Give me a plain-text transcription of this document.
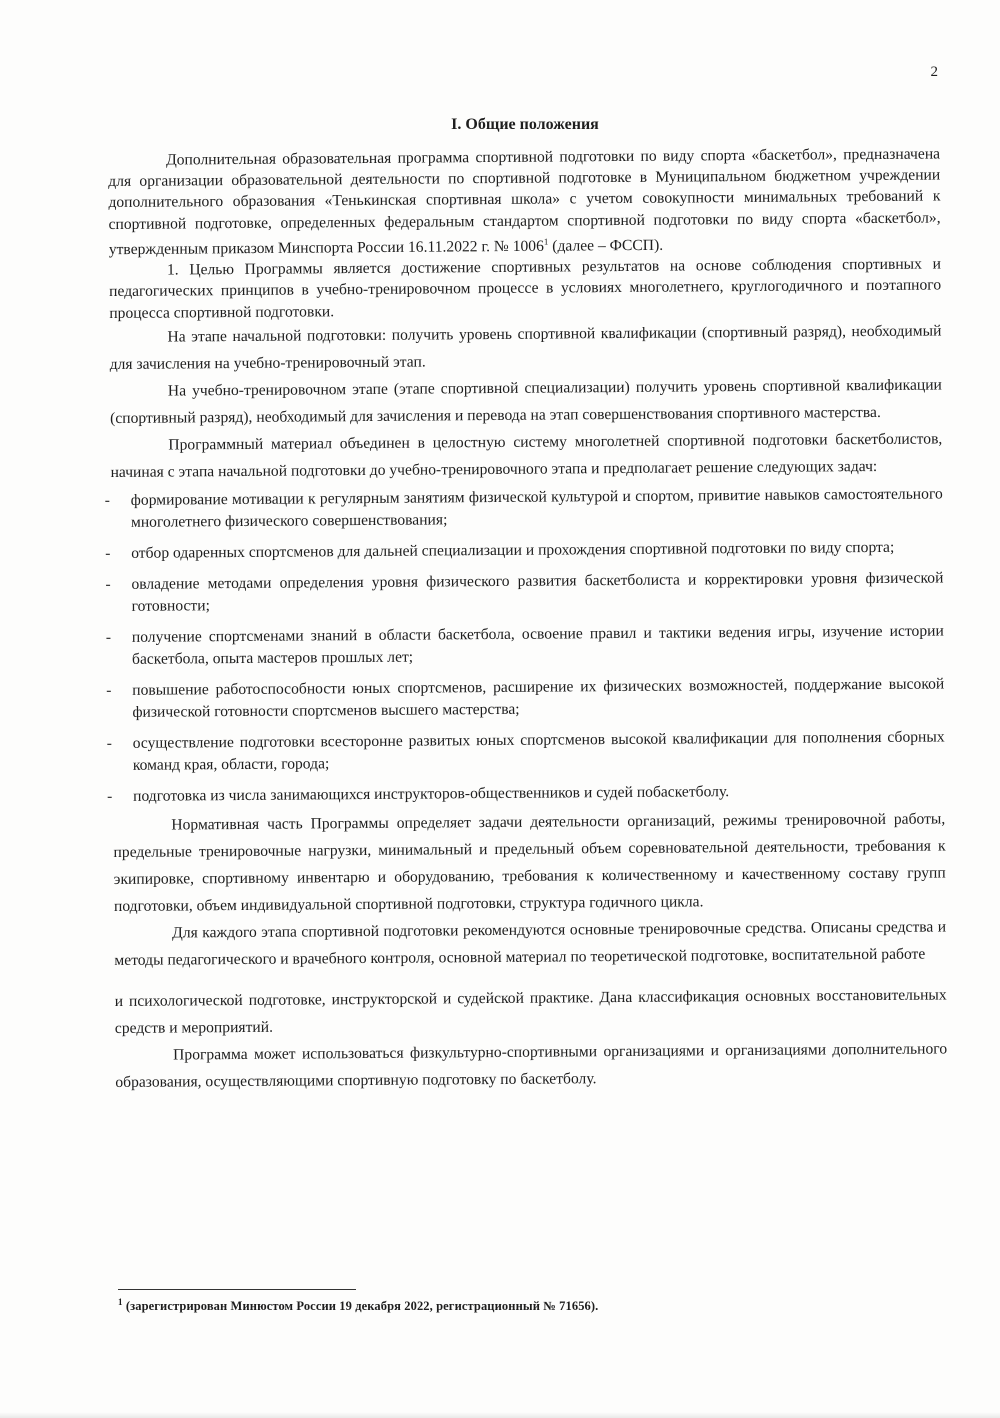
2
I. Общие положения

Дополнительная образовательная программа спортивной подготовки по виду спорта «баскетбол», предназначена для организации образовательной деятельности по спортивной подготовке в Муниципальном бюджетном учреждении дополнительного образования «Тенькинская спортивная школа» с учетом совокупности минимальных требований к спортивной подготовке, определенных федеральным стандартом спортивной подготовки по виду спорта «баскетбол», утвержденным приказом Минспорта России 16.11.2022 г. № 1006$^1$ (далее – ФССП).

1. Целью Программы является достижение спортивных результатов на основе соблюдения спортивных и педагогических принципов в учебно-тренировочном процессе в условиях многолетнего, круглогодичного и поэтапного процесса спортивной подготовки.

На этапе начальной подготовки: получить уровень спортивной квалификации (спортивный разряд), необходимый для зачисления на учебно-тренировочный этап.

На учебно-тренировочном этапе (этапе спортивной специализации) получить уровень спортивной квалификации (спортивный разряд), необходимый для зачисления и перевода на этап совершенствования спортивного мастерства.

Программный материал объединен в целостную систему многолетней спортивной подготовки баскетболистов, начиная с этапа начальной подготовки до учебно-тренировочного этапа и предполагает решение следующих задач:

- формирование мотивации к регулярным занятиям физической культурой и спортом, привитие навыков самостоятельного многолетнего физического совершенствования;
- отбор одаренных спортсменов для дальней специализации и прохождения спортивной подготовки по виду спорта;
- овладение методами определения уровня физического развития баскетболиста и корректировки уровня физической готовности;
- получение спортсменами знаний в области баскетбола, освоение правил и тактики ведения игры, изучение истории баскетбола, опыта мастеров прошлых лет;
- повышение работоспособности юных спортсменов, расширение их физических возможностей, поддержание высокой физической готовности спортсменов высшего мастерства;
- осуществление подготовки всесторонне развитых юных спортсменов высокой квалификации для пополнения сборных команд края, области, города;
- подготовка из числа занимающихся инструкторов-общественников и судей побаскетболу.

Нормативная часть Программы определяет задачи деятельности организаций, режимы тренировочной работы, предельные тренировочные нагрузки, минимальный и предельный объем соревновательной деятельности, требования к экипировке, спортивному инвентарю и оборудованию, требования к количественному и качественному составу групп подготовки, объем индивидуальной спортивной подготовки, структура годичного цикла.

Для каждого этапа спортивной подготовки рекомендуются основные тренировочные средства. Описаны средства и методы педагогического и врачебного контроля, основной материал по теоретической подготовке, воспитательной работе

и психологической подготовке, инструкторской и судейской практике. Дана классификация основных восстановительных средств и мероприятий.

Программа может использоваться физкультурно-спортивными организациями и организациями дополнительного образования, осуществляющими спортивную подготовку по баскетболу.

$^1$ (зарегистрирован Минюстом России 19 декабря 2022, регистрационный № 71656).
